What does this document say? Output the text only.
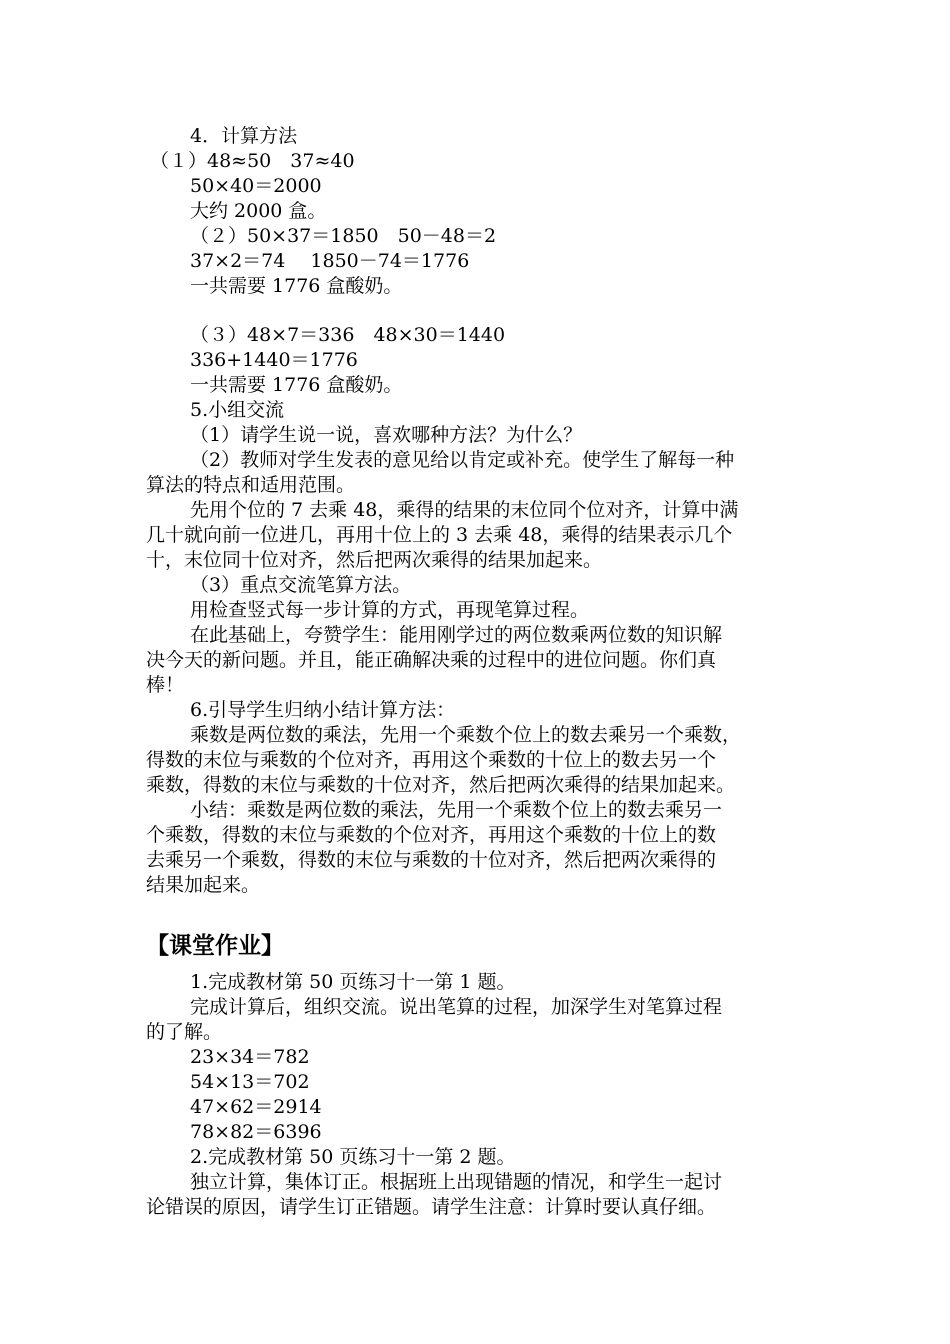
4．计算方法

（１）48≈50　37≈40

50×40＝2000

大约 2000 盒。

（２）50×37＝1850　50－48＝2

37×2＝74　 1850－74＝1776

一共需要 1776 盒酸奶。

（３）48×7＝336　48×30＝1440

336+1440＝1776

一共需要 1776 盒酸奶。

5.小组交流

（1）请学生说一说，喜欢哪种方法？为什么？

（2）教师对学生发表的意见给以肯定或补充。使学生了解每一种

算法的特点和适用范围。

先用个位的 7 去乘 48，乘得的结果的末位同个位对齐，计算中满

几十就向前一位进几，再用十位上的 3 去乘 48，乘得的结果表示几个

十，末位同十位对齐，然后把两次乘得的结果加起来。

（3）重点交流笔算方法。

用检查竖式每一步计算的方式，再现笔算过程。

在此基础上，夸赞学生：能用刚学过的两位数乘两位数的知识解

决今天的新问题。并且，能正确解决乘的过程中的进位问题。你们真

棒！

6.引导学生归纳小结计算方法：

乘数是两位数的乘法，先用一个乘数个位上的数去乘另一个乘数，

得数的末位与乘数的个位对齐，再用这个乘数的十位上的数去另一个

乘数，得数的末位与乘数的十位对齐，然后把两次乘得的结果加起来。

小结：乘数是两位数的乘法，先用一个乘数个位上的数去乘另一

个乘数，得数的末位与乘数的个位对齐，再用这个乘数的十位上的数

去乘另一个乘数，得数的末位与乘数的十位对齐，然后把两次乘得的

结果加起来。

【课堂作业】

1.完成教材第 50 页练习十一第 1 题。

完成计算后，组织交流。说出笔算的过程，加深学生对笔算过程

的了解。

23×34＝782

54×13＝702

47×62＝2914

78×82＝6396

2.完成教材第 50 页练习十一第 2 题。

独立计算，集体订正。根据班上出现错题的情况，和学生一起讨

论错误的原因，请学生订正错题。请学生注意：计算时要认真仔细。
